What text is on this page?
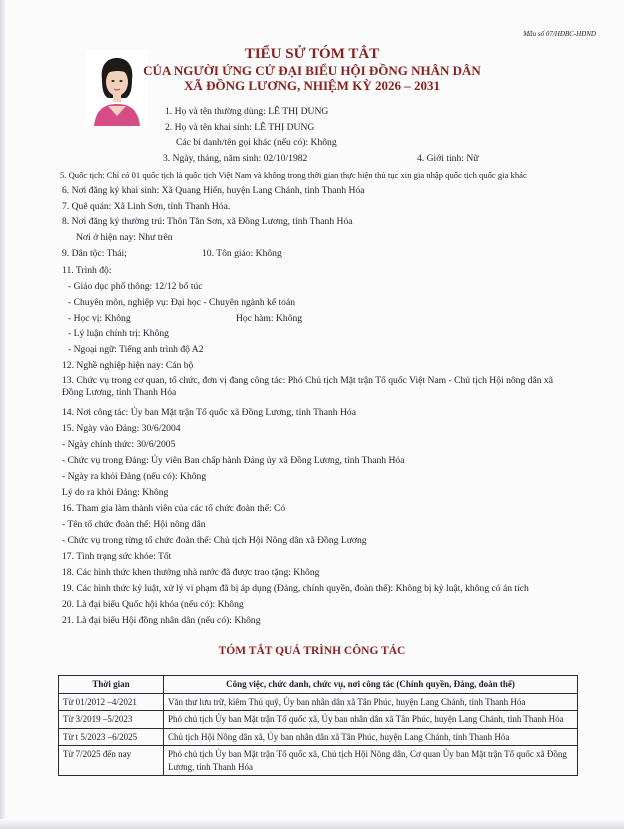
Mẫu số 07/HĐBC-HĐND
TIỂU SỬ TÓM TẮT
CỦA NGƯỜI ỨNG CỬ ĐẠI BIỂU HỘI ĐỒNG NHÂN DÂN
XÃ ĐỒNG LƯƠNG, NHIỆM KỲ 2026 – 2031
1. Họ và tên thường dùng: LÊ THỊ DUNG
2. Họ và tên khai sinh: LÊ THỊ DUNG
Các bí danh/tên gọi khác (nếu có): Không
3. Ngày, tháng, năm sinh: 02/10/1982	4. Giới tính: Nữ
5. Quốc tịch: Chỉ có 01 quốc tịch là quốc tịch Việt Nam và không trong thời gian thực hiện thủ tục xin gia nhập quốc tịch quốc gia khác
6. Nơi đăng ký khai sinh: Xã Quang Hiến, huyện Lang Chánh, tỉnh Thanh Hóa
7. Quê quán: Xã Linh Sơn, tỉnh Thanh Hóa.
8. Nơi đăng ký thường trú: Thôn Tân Sơn, xã Đồng Lương, tỉnh Thanh Hóa
Nơi ở hiện nay: Như trên
9. Dân tộc: Thái;	10. Tôn giáo: Không
11. Trình độ:
- Giáo dục phổ thông: 12/12 bổ túc
- Chuyên môn, nghiệp vụ: Đại học - Chuyên ngành kế toán
- Học vị: Không	Học hàm: Không
- Lý luận chính trị: Không
- Ngoại ngữ: Tiếng anh trình độ A2
12. Nghề nghiệp hiện nay: Cán bộ
13. Chức vụ trong cơ quan, tổ chức, đơn vị đang công tác: Phó Chủ tịch Mặt trận Tổ quốc Việt Nam - Chủ tịch Hội nông dân xã Đồng Lương, tỉnh Thanh Hóa
14. Nơi công tác: Ủy ban Mặt trận Tổ quốc xã Đồng Lương, tỉnh Thanh Hóa
15. Ngày vào Đảng: 30/6/2004
- Ngày chính thức: 30/6/2005
- Chức vụ trong Đảng: Ủy viên Ban chấp hành Đảng ủy xã Đồng Lương, tỉnh Thanh Hóa
- Ngày ra khỏi Đảng (nếu có): Không
Lý do ra khỏi Đảng: Không
16. Tham gia làm thành viên của các tổ chức đoàn thể: Có
- Tên tổ chức đoàn thể: Hội nông dân
- Chức vụ trong từng tổ chức đoàn thể: Chủ tịch Hội Nông dân xã Đồng Lương
17. Tình trạng sức khỏe: Tốt
18. Các hình thức khen thưởng nhà nước đã được trao tặng: Không
19. Các hình thức kỷ luật, xử lý vi phạm đã bị áp dụng (Đảng, chính quyền, đoàn thể): Không bị kỷ luật, không có án tích
20. Là đại biểu Quốc hội khóa (nếu có): Không
21. Là đại biểu Hội đồng nhân dân (nếu có): Không
TÓM TẮT QUÁ TRÌNH CÔNG TÁC
Thời gian	Công việc, chức danh, chức vụ, nơi công tác (Chính quyền, Đảng, đoàn thể)
Từ 01/2012 –4/2021	Văn thư lưu trữ, kiêm Thủ quỹ, Ủy ban nhân dân xã Tân Phúc, huyện Lang Chánh, tỉnh Thanh Hóa
Từ 3/2019 –5/2023	Phó chủ tịch Ủy ban Mặt trận Tổ quốc xã, Ủy ban nhân dân xã Tân Phúc, huyện Lang Chánh, tỉnh Thanh Hóa
Từ t 5/2023 –6/2025	Chủ tịch Hội Nông dân xã, Ủy ban nhân dân xã Tân Phúc, huyện Lang Chánh, tỉnh Thanh Hóa
Từ 7/2025 đến nay	Phó chủ tịch Ủy ban Mặt trận Tổ quốc xã, Chủ tịch Hội Nông dân, Cơ quan Ủy ban Mặt trận Tổ quốc xã Đồng Lương, tỉnh Thanh Hóa
